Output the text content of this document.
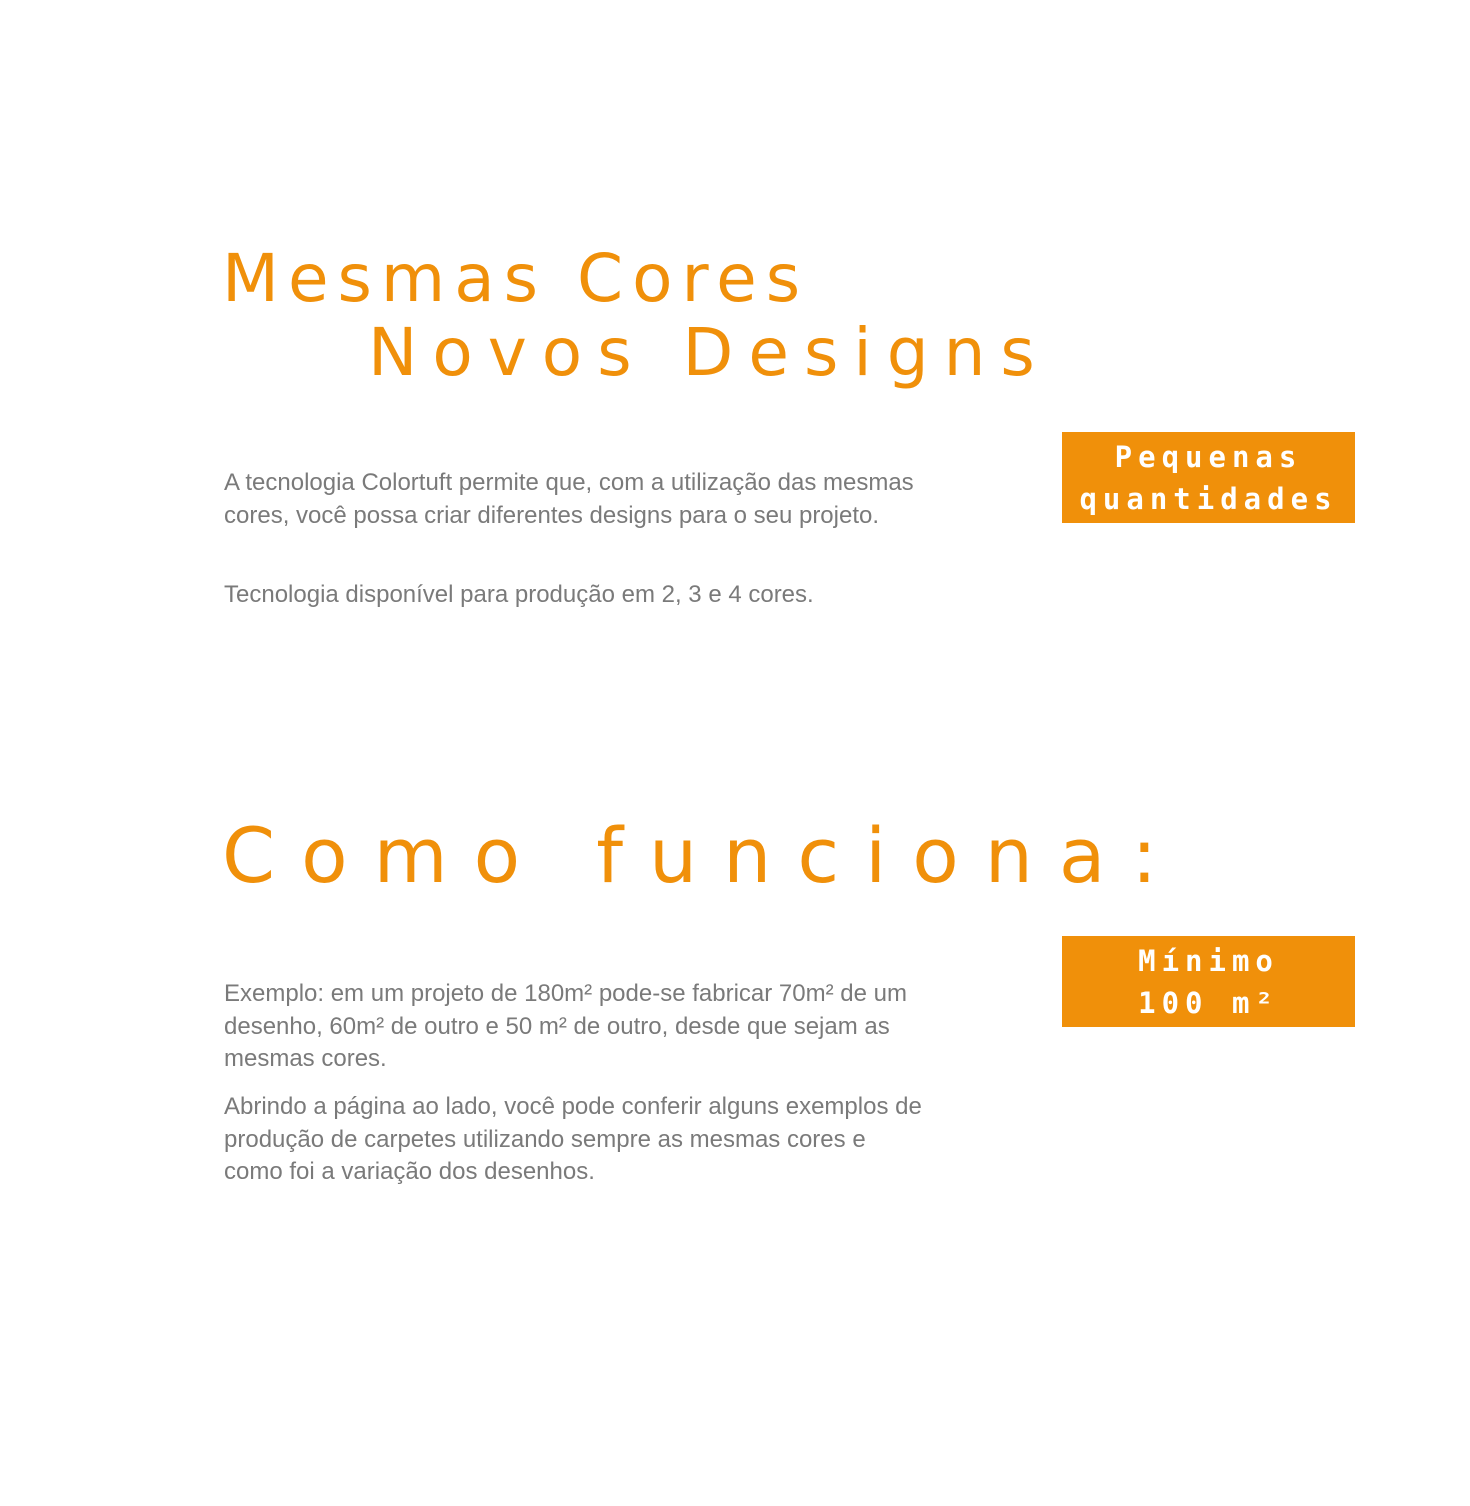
Mesmas Cores
Novos Designs

A tecnologia Colortuft permite que, com a utilização das mesmas cores, você possa criar diferentes designs para o seu projeto.

Tecnologia disponível para produção em 2, 3 e 4 cores.

Pequenas
quantidades
Como funciona:

Exemplo: em um projeto de 180m² pode-se fabricar 70m² de um desenho, 60m² de outro e 50 m² de outro, desde que sejam as mesmas cores.

Abrindo a página ao lado, você pode conferir alguns exemplos de produção de carpetes utilizando sempre as mesmas cores e como foi a variação dos desenhos.

Mínimo
100 m²
